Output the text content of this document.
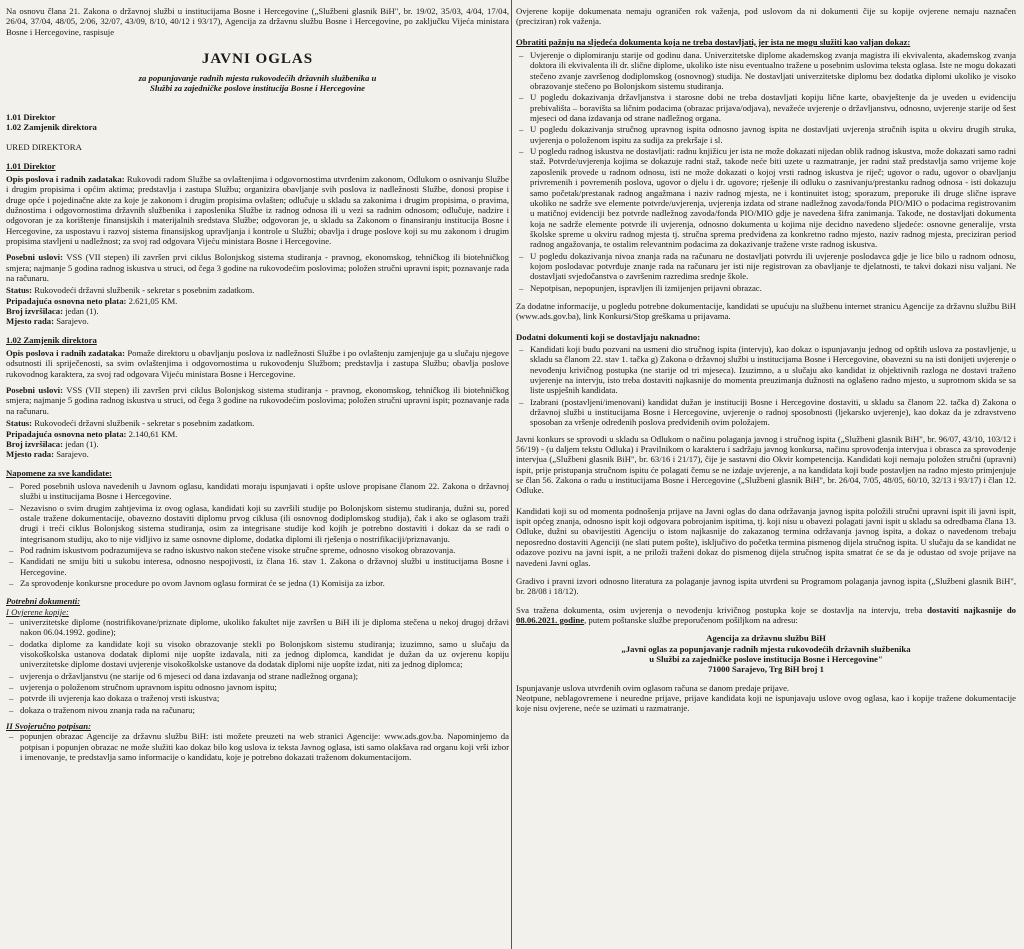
Na osnovu člana 21. Zakona o državnoj službi u institucijama Bosne i Hercegovine („Službeni glasnik BiH", br. 19/02, 35/03, 4/04, 17/04, 26/04, 37/04, 48/05, 2/06, 32/07, 43/09, 8/10, 40/12 i 93/17), Agencija za državnu službu Bosne i Hercegovine, po zaključku Vijeća ministara Bosne i Hercegovine, raspisuje

JAVNI OGLAS
za popunjavanje radnih mjesta rukovodećih državnih službenika u
Službi za zajedničke poslove institucija Bosne i Hercegovine
1.01 Direktor
1.02 Zamjenik direktora

URED DIREKTORA

1.01 Direktor

Opis poslova i radnih zadataka: Rukovodi radom Službe sa ovlaštenjima i odgovornostima utvrđenim zakonom, Odlukom o osnivanju Službe i drugim propisima i općim aktima; predstavlja i zastupa Službu; organizira obavljanje svih poslova iz nadležnosti Službe, donosi propise i druge opće i pojedinačne akte za koje je zakonom i drugim propisima ovlašten; odlučuje u skladu sa zakonima i drugim propisima, o pravima, dužnostima i odgovornostima državnih službenika i zaposlenika Službe iz radnog odnosa ili u vezi sa radnim odnosom; odlučuje, nadzire i odgovoran je za korištenje finansijskih i materijalnih sredstava Službe; odgovoran je, u skladu sa Zakonom o finansiranju institucija Bosne i Hercegovine, za uspostavu i razvoj sistema finansijskog upravljanja i kontrole u Službi; obavlja i druge poslove koji su mu zakonom i drugim propisima stavljeni u nadležnost; za svoj rad odgovara Vijeću ministara Bosne i Hercegovine.

Posebni uslovi: VSS (VII stepen) ili završen prvi ciklus Bolonjskog sistema studiranja - pravnog, ekonomskog, tehničkog ili biotehničkog smjera; najmanje 5 godina radnog iskustva u struci, od čega 3 godine na rukovodećim poslovima; položen stručni upravni ispit; poznavanje rada na računaru.

Status: Rukovodeći državni službenik - sekretar s posebnim zadatkom.
Pripadajuća osnovna neto plata: 2.621,05 KM.
Broj izvršilaca: jedan (1).
Mjesto rada: Sarajevo.
1.02 Zamjenik direktora

Opis poslova i radnih zadataka: Pomaže direktoru u obavljanju poslova iz nadležnosti Službe i po ovlaštenju zamjenjuje ga u slučaju njegove odsutnosti ili spriječenosti, sa svim ovlaštenjima i odgovornostima u rukovođenju Službom; predstavlja i zastupa Službu; obavlja poslove rukovodnog karaktera, za svoj rad odgovara Vijeću ministara Bosne i Hercegovine.

Posebni uslovi: VSS (VII stepen) ili završen prvi ciklus Bolonjskog sistema studiranja - pravnog, ekonomskog, tehničkog ili biotehničkog smjera; najmanje 5 godina radnog iskustva u struci, od čega 3 godine na rukovodećim poslovima; položen stručni upravni ispit; poznavanje rada na računaru.

Status: Rukovodeći državni službenik - sekretar s posebnim zadatkom.
Pripadajuća osnovna neto plata: 2.140,61 KM.
Broj izvršilaca: jedan (1).
Mjesto rada: Sarajevo.
Napomene za sve kandidate:
– Pored posebnih uslova navedenih u Javnom oglasu, kandidati moraju ispunjavati i opšte uslove propisane članom 22. Zakona o državnoj službi u institucijama Bosne i Hercegovine.
– Nezavisno o svim drugim zahtjevima iz ovog oglasa, kandidati koji su završili studije po Bolonjskom sistemu studiranja, dužni su, pored ostale tražene dokumentacije, obavezno dostaviti diplomu prvog ciklusa (ili osnovnog dodiplomskog studija), čak i ako se oglasom traži drugi i treći ciklus Bolonjskog sistema studiranja, osim za integrisane studije kod kojih je potrebno dostaviti i dokaz da se radi o integrisanom studiju, ako to nije vidljivo iz same osnovne diplome, dodatka diplomi ili rješenja o nostrifikaciji/priznavanju.
– Pod radnim iskustvom podrazumijeva se radno iskustvo nakon stečene visoke stručne spreme, odnosno visokog obrazovanja.
– Kandidati ne smiju biti u sukobu interesa, odnosno nespojivosti, iz člana 16. stav 1. Zakona o državnoj službi u institucijama Bosne i Hercegovine.
– Za sprovođenje konkursne procedure po ovom Javnom oglasu formirat će se jedna (1) Komisija za izbor.
Potrebni dokumenti:
I Ovjerene kopije:
– univerzitetske diplome (nostrifikovane/priznate diplome, ukoliko fakultet nije završen u BiH ili je diploma stečena u nekoj drugoj državi nakon 06.04.1992. godine);
– dodatka diplome za kandidate koji su visoko obrazovanje stekli po Bolonjskom sistemu studiranja; izuzimno, samo u slučaju da visokoškolska ustanova dodatak diplomi nije uopšte izdavala, niti za jednog diplomca, kandidat je dužan da uz ovjerenu kopiju univerzitetske diplome dostavi uvjerenje visokoškolske ustanove da dodatak diplomi nije uopšte izdat, niti za jednog diplomca;
– uvjerenja o državljanstvu (ne starije od 6 mjeseci od dana izdavanja od strane nadležnog organa);
– uvjerenja o položenom stručnom upravnom ispitu odnosno javnom ispitu;
– potvrde ili uvjerenja kao dokaza o traženoj vrsti iskustva;
– dokaza o traženom nivou znanja rada na računaru;
II Svojeručno potpisan:
– popunjen obrazac Agencije za državnu službu BiH: isti možete preuzeti na web stranici Agencije: www.ads.gov.ba. Napominjemo da potpisan i popunjen obrazac ne može služiti kao dokaz bilo kog uslova iz teksta Javnog oglasa, isti samo olakšava rad organu koji vrši izbor i imenovanje, te predstavlja samo informacije o kandidatu, koje je potrebno dokazati traženom dokumentacijom.

Ovjerene kopije dokumenata nemaju ograničen rok važenja, pod uslovom da ni dokumenti čije su kopije ovjerene nemaju naznačen (preciziran) rok važenja.

Obratiti pažnju na sljedeća dokumenta koja ne treba dostavljati, jer ista ne mogu služiti kao valjan dokaz:
– Uvjerenje o diplomiranju stariје od godinu dana. Univerzitetske diplome akademskog zvanja magistra ili ekvivalenta, akademskog zvanja doktora ili ekvivalenta ili dr. slične diplome, ukoliko iste nisu eventualno tražene u posebnim uslovima teksta oglasa. Iste ne mogu dokazati stečeno zvanje završenog dodiplomskog (osnovnog) studija. Ne dostavljati univerzitetske diplomu bez dodatka diplomi ukoliko je visoko obrazovanje stečeno po Bolonjskom sistemu studiranja.
– U pogledu dokazivanja državljanstva i starosne dobi ne treba dostavljati kopiju lične karte, obavještenje da je uveden u evidenciju prebivališta – boravišta sa ličnim podacima (obrazac prijava/odjava), nevažeće uvjerenje o državljanstvu, odnosno, uvjerenje starije od šest mjeseci od dana izdavanja od strane nadležnog organa.
– U pogledu dokazivanja stručnog upravnog ispita odnosno javnog ispita ne dostavljati uvjerenja stručnih ispita u okviru drugih struka, uvjerenja o položenom ispitu za sudija za prekršaje i sl.
– U pogledu radnog iskustva ne dostavljati: radnu knjižicu jer ista ne može dokazati nijedan oblik radnog iskustva, može dokazati samo radni staž. Potvrde/uvjerenja kojima se dokazuje radni staž, takođe neće biti uzete u razmatranje, jer radni staž predstavlja samo vrijeme koje zaposlenik provede u radnom odnosu, isti ne može dokazati o kojoj vrsti radnog iskustva je riječ; ugovor o radu, ugovor o obavljanju privremenih i povremenih poslova, ugovor o djelu i dr. ugovore; rješenje ili odluku o zasnivanju/prestanku radnog odnosa - isti dokazuju samo početak/prestanak radnog angažmana i naziv radnog mjesta, ne i kontinuitet istog; sporazum, preporuke ili druge slične isprave ukoliko ne sadrže sve elemente potvrde/uvjerenja, uvjerenja izdata od strane nadležnog zavoda/fonda PIO/MIO o podacima registrovanim u matičnoj evidenciji bez potvrde nadležnog zavoda/fonda PIO/MIO gdje je navedena šifra zanimanja. Takođe, ne dostavljati dokumenta koja ne sadrže elemente potvrde ili uvjerenja, odnosno dokumenta u kojima nije decidno navedeno sljedeće: osnovne generalije, vrsta školske spreme u okviru radnog mjesta tj. stručna sprema predviđena za konkretno radno mjesto, naziv radnog mjesta, preciziran period radnog angažovanja, te ostalim relevantnim podacima za dokazivanje tražene vrste radnog iskustva.
– U pogledu dokazivanja nivoa znanja rada na računaru ne dostavljati potvrdu ili uvjerenje poslodavca gdje je lice bilo u radnom odnosu, kojom poslodavac potvrđuje znanje rada na računaru jer isti nije registrovan za obavljanje te djelatnosti, te takvi dokazi nisu valjani. Ne dostavljati svjedočanstva o završenim razredima srednje škole.
– Nepotpisan, nepopunjen, ispravljen ili izmijenjen prijavni obrazac.

Za dodatne informacije, u pogledu potrebne dokumentacije, kandidati se upućuju na službenu internet stranicu Agencije za državnu službu BiH (www.ads.gov.ba), link Konkursi/Stop greškama u prijavama.

Dodatni dokumenti koji se dostavljaju naknadno:
– Kandidati koji budu pozvani na usmeni dio stručnog ispita (intervju), kao dokaz o ispunjavanju jednog od opštih uslova za postavljenje, u skladu sa članom 22. stav 1. tačka g) Zakona o državnoj službi u institucijama Bosne i Hercegovine, obavezni su na isti donijeti uvjerenje o nevođenju krivičnog postupka (ne starije od tri mjeseca). Izuzimno, a u slučaju ako kandidat iz objektivnih razloga ne dostavi traženo uvjerenje na intervju, isto treba dostaviti najkasnije do momenta preuzimanja dužnosti na oglašeno radno mjesto, u suprotnom skida se sa liste uspješnih kandidata.
– Izabrani (postavljeni/imenovani) kandidat dužan je instituciji Bosne i Hercegovine dostaviti, u skladu sa članom 22. tačka d) Zakona o državnoj službi u institucijama Bosne i Hercegovine, uvjerenje o radnoj sposobnosti (ljekarsko uvjerenje), kao dokaz da je zdravstveno sposoban za vršenje određenih poslova predviđenih ovim položajem.

Javni konkurs se sprovodi u skladu sa Odlukom o načinu polaganja javnog i stručnog ispita („Službeni glasnik BiH", br. 96/07, 43/10, 103/12 i 56/19) - (u daljem tekstu Odluka) i Pravilnikom o karakteru i sadržaju javnog konkursa, načinu sprovođenja intervjua i obrasca za sprovođenje intervjua („Službeni glasnik BiH", br. 63/16 i 21/17), čije je sastavni dio Okvir kompetencija. Kandidati koji nemaju položen stručni (upravni) ispit, prije pristupanja stručnom ispitu će polagati čemu se ne izdaje uvjerenje, a na kandidata koji bude postavljen na radno mjesto primjenjuje se član 56. Zakona o radu u institucijama Bosne i Hercegovine („Službeni glasnik BiH", br. 26/04, 7/05, 48/05, 60/10, 32/13 i 93/17) i član 12. Odluke.

Kandidati koji su od momenta podnošenja prijave na Javni oglas do dana održavanja javnog ispita položili stručni upravni ispit ili javni ispit, ispit općeg znanja, odnosno ispit koji odgovara pobrojanim ispitima, tj. koji nisu u obavezi polagati javni ispit u skladu sa odredbama člana 13. Odluke, dužni su obavijestiti Agenciju o istom najkasnije do zakazanog termina održavanja javnog ispita, a dokaz o navedenom trebaju neposredno dostaviti Agenciji (ne slati putem pošte), isključivo do početka termina pismenog dijela stručnog ispita. U slučaju da se kandidat ne odazove pozivu na javni ispit, a ne priloži traženi dokaz do pismenog dijela stručnog ispita smatrat će se da je odustao od svoje prijave na navedeni Javni oglas.

Gradivo i pravni izvori odnosno literatura za polaganje javnog ispita utvrđeni su Programom polaganja javnog ispita („Službeni glasnik BiH", br. 28/08 i 18/12).

Sva tražena dokumenta, osim uvjerenja o nevođenju krivičnog postupka koje se dostavlja na intervju, treba dostaviti najkasnije do 08.06.2021. godine, putem poštanske službe preporučenom pošiljkom na adresu:

Agencija za državnu službu BiH
„Javni oglas za popunjavanje radnih mjesta rukovodećih državnih službenika
u Službi za zajedničke poslove institucija Bosne i Hercegovine"
71000 Sarajevo, Trg BiH broj 1
Ispunjavanje uslova utvrđenih ovim oglasom računa se danom predaje prijave.
Neotpune, neblagovremene i neuredne prijave, prijave kandidata koji ne ispunjavaju uslove ovog oglasa, kao i kopije tražene dokumentacije koje nisu ovjerene, neće se uzimati u razmatranje.
